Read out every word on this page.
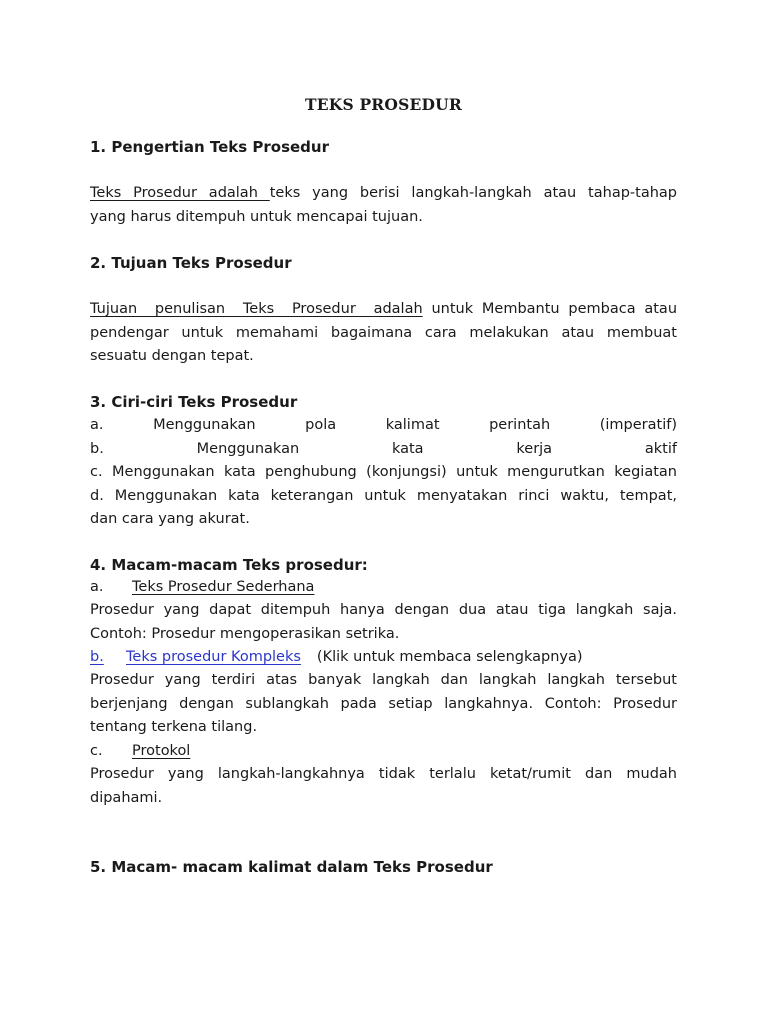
TEKS PROSEDUR
1. Pengertian Teks Prosedur
Teks Prosedur adalah teks yang berisi langkah-langkah atau tahap-tahap
yang harus ditempuh untuk mencapai tujuan.
2. Tujuan Teks Prosedur
Tujuan penulisan Teks Prosedur adalah untuk Membantu pembaca atau
pendengar untuk memahami bagaimana cara melakukan atau membuat
sesuatu dengan tepat.
3. Ciri-ciri Teks Prosedur
a. Menggunakan pola kalimat perintah (imperatif)
b. Menggunakan kata kerja aktif
c. Menggunakan kata penghubung (konjungsi) untuk mengurutkan kegiatan
d. Menggunakan kata keterangan untuk menyatakan rinci waktu, tempat,
dan cara yang akurat.
4. Macam-macam Teks prosedur:
a. Teks Prosedur Sederhana
Prosedur yang dapat ditempuh hanya dengan dua atau tiga langkah saja.
Contoh: Prosedur mengoperasikan setrika.
b. Teks prosedur Kompleks (Klik untuk membaca selengkapnya)
Prosedur yang terdiri atas banyak langkah dan langkah langkah tersebut
berjenjang dengan sublangkah pada setiap langkahnya. Contoh: Prosedur
tentang terkena tilang.
c. Protokol
Prosedur yang langkah-langkahnya tidak terlalu ketat/rumit dan mudah
dipahami.
5. Macam- macam kalimat dalam Teks Prosedur
